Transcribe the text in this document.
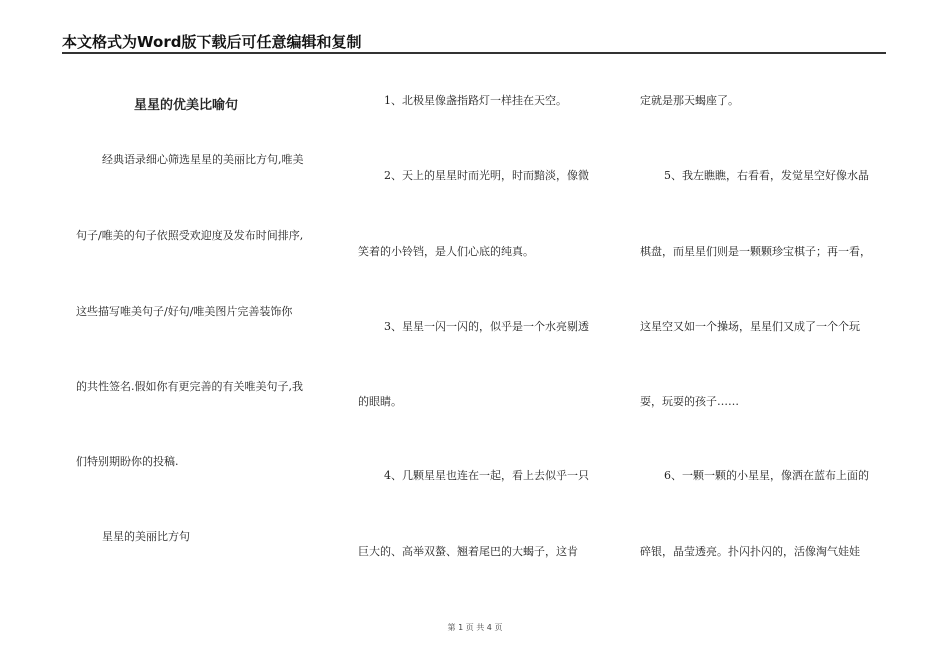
本文格式为Word版下载后可任意编辑和复制
星星的优美比喻句
经典语录细心筛选星星的美丽比方句,唯美
句子/唯美的句子依照受欢迎度及发布时间排序,
这些描写唯美句子/好句/唯美图片完善装饰你
的共性签名.假如你有更完善的有关唯美句子,我
们特别期盼你的投稿.
星星的美丽比方句
1、北极星像盏指路灯一样挂在天空。
2、天上的星星时而光明，时而黯淡，像微
笑着的小铃铛，是人们心底的纯真。
3、星星一闪一闪的，似乎是一个水亮剔透
的眼睛。
4、几颗星星也连在一起，看上去似乎一只
巨大的、高举双螯、翘着尾巴的大蝎子，这肯
定就是那天蝎座了。
5、我左瞧瞧，右看看，发觉星空好像水晶
棋盘，而星星们则是一颗颗珍宝棋子；再一看，
这星空又如一个操场，星星们又成了一个个玩
耍，玩耍的孩子……
6、一颗一颗的小星星，像洒在蓝布上面的
碎银，晶莹透亮。扑闪扑闪的，活像淘气娃娃
第 1 页 共 4 页
